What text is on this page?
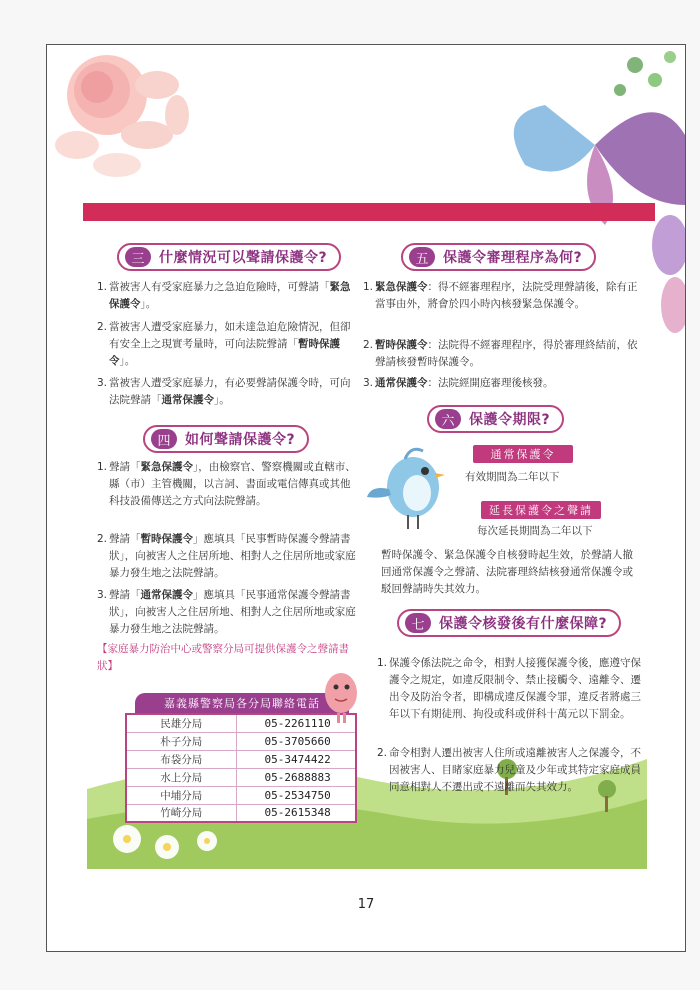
三	什麼情況可以聲請保護令?
1. 當被害人有受家庭暴力之急迫危險時，可聲請「緊急保護令」。
2. 當被害人遭受家庭暴力，如未達急迫危險情況，但卻有安全上之現實考量時，可向法院聲請「暫時保護令」。
3. 當被害人遭受家庭暴力，有必要聲請保護令時，可向法院聲請「通常保護令」。
四	如何聲請保護令?
1. 聲請「緊急保護令」，由檢察官、警察機關或直轄市、縣（市）主管機關，以言詞、書面或電信傳真或其他科技設備傳送之方式向法院聲請。
2. 聲請「暫時保護令」應填具「民事暫時保護令聲請書狀」，向被害人之住居所地、相對人之住居所地或家庭暴力發生地之法院聲請。
3. 聲請「通常保護令」應填具「民事通常保護令聲請書狀」，向被害人之住居所地、相對人之住居所地或家庭暴力發生地之法院聲請。
【家庭暴力防治中心或警察分局可提供保護令之聲請書狀】
嘉義縣警察局各分局聯絡電話
民雄分局	05-2261110
朴子分局	05-3705660
布袋分局	05-3474422
水上分局	05-2688883
中埔分局	05-2534750
竹崎分局	05-2615348
五	保護令審理程序為何?
1. 緊急保護令：得不經審理程序，法院受理聲請後，除有正當事由外，將會於四小時內核發緊急保護令。
2. 暫時保護令：法院得不經審理程序，得於審理終結前，依聲請核發暫時保護令。
3. 通常保護令：法院經開庭審理後核發。
六	保護令期限?
通常保護令
有效期間為二年以下
延長保護令之聲請
每次延長期間為二年以下
暫時保護令、緊急保護令自核發時起生效，於聲請人撤回通常保護令之聲請、法院審理終結核發通常保護令或駁回聲請時失其效力。
七	保護令核發後有什麼保障?
1. 保護令係法院之命令，相對人接獲保護令後，應遵守保護令之規定，如違反限制令、禁止接觸令、遠離令、遷出令及防治令者，即構成違反保護令罪，違反者將處三年以下有期徒刑、拘役或科或併科十萬元以下罰金。
2. 命令相對人遷出被害人住所或遠離被害人之保護令，不因被害人、目睹家庭暴力兒童及少年或其特定家庭成員同意相對人不遷出或不遠離而失其效力。
17
